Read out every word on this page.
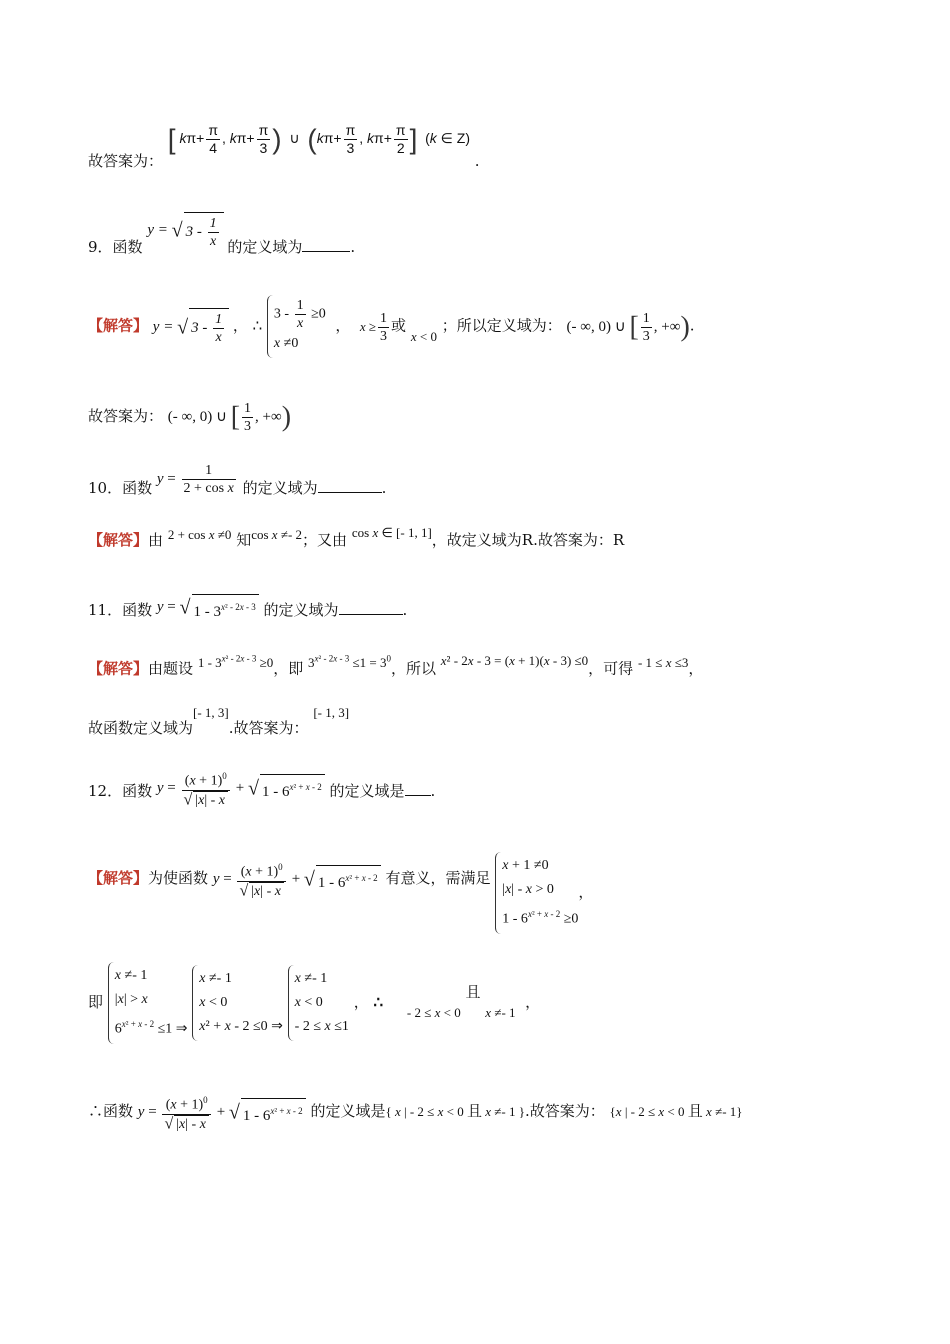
故答案为： [ $k\pi+ \frac{\pi}{4}$ , $k\pi+ \frac{\pi}{3}$ )  ∪  ($k\pi+ \frac{\pi}{3}$ , $k\pi+ \frac{\pi}{2}$ ]  (k ∈ Z) .
9．函数 y = √ $3 - \frac{1}{x}$ 的定义域为	.
【解答】 y = √ $3 - \frac{1}{x}$ ， ∴
$3 - \frac{1}{x} \ge 0$
x ≠0
，  $x \ge \frac{1}{3}$ 或 x < 0 ；所以定义域为： (- ∞, 0) ∪ [ $\frac{1}{3}$ , +∞).
故答案为： (- ∞, 0) ∪ [ $\frac{1}{3}$ , +∞)
10．函数 $y = \frac{1}{\text{2 + cos x}}$ 的定义域为	.
【解答】由 2 + cos x ≠0 知cos x ≠- 2；又由 cos x ∈ [- 1, 1]，故定义域为R.故答案为：R
11．函数 y = √ $1 - 3^{x^2 - 2x - 3}$ 的定义域为	.
【解答】由题设 $1 - 3^{x^2 - 2x - 3} \ge 0$，即 $3^{x^2 - 2x - 3} \le 1 = 3^0$，所以 x² - 2x - 3 = (x + 1)(x - 3) ≤0，可得 - 1 ≤ x ≤3，
故函数定义域为[- 1, 3].故答案为： [- 1, 3]
12．函数 $y = \frac{(x + 1)^0}{√ |x| - x}$ + √ $1 - 6^{x^2 + x - 2}$ 的定义域是 .
【解答】为使函数 $y = \frac{(x + 1)^0}{√ |x| - x}$ + √ $1 - 6^{x^2 + x - 2}$ 有意义，需满足
x + 1 ≠0
|x| - x > 0
$1 - 6^{x^2 + x - 2} \ge 0$
，
即
x ≠- 1
|x| > x
$6^{x^2 + x - 2} \le 1$ ⇒

x ≠- 1
x < 0
x² + x - 2 ≤0 ⇒

x ≠- 1
x < 0
- 2 ≤ x ≤1
， ∴     - 2 ≤ x < 0 且 x ≠- 1  ，
∴函数 $y = \frac{(x + 1)^0}{√ |x| - x}$ + √ $1 - 6^{x^2 + x - 2}$ 的定义域是{ x | - 2 ≤ x < 0 且 x ≠- 1 }.故答案为： {x | - 2 ≤ x < 0 且 x ≠- 1}
